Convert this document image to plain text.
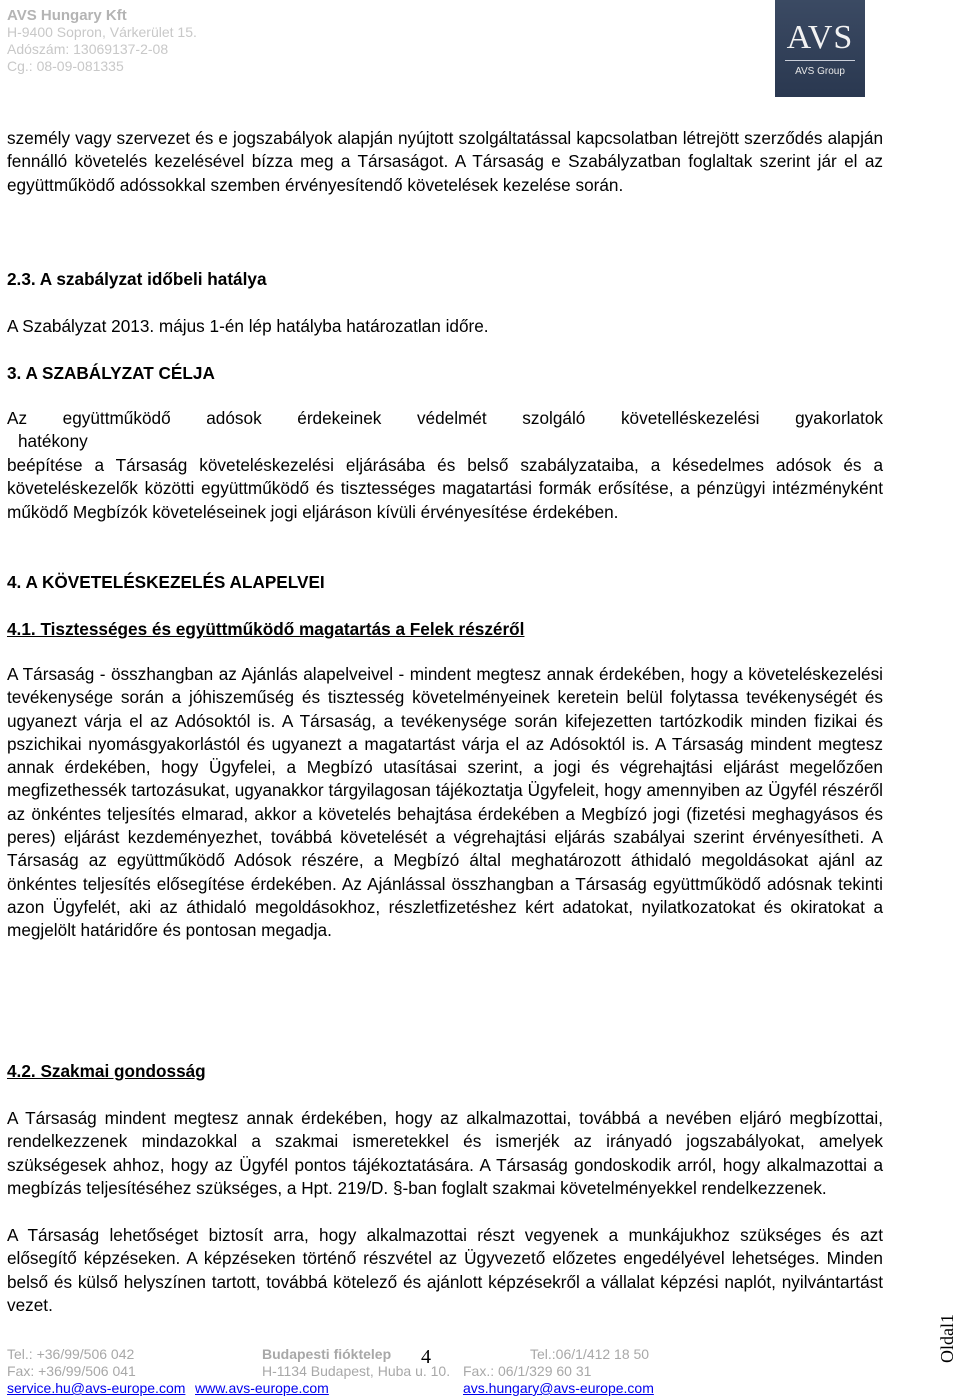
AVS Hungary Kft
H-9400 Sopron, Várkerület 15.
Adószám: 13069137-2-08
Cg.: 08-09-081335
AVS
AVS Group
személy vagy szervezet és e jogszabályok alapján nyújtott szolgáltatással kapcsolatban létrejött szerződés alapján fennálló követelés kezelésével bízza meg a Társaságot. A Társaság e Szabályzatban foglaltak szerint jár el az együttműködő adóssokkal szemben érvényesítendő követelések kezelése során.
2.3. A szabályzat időbeli hatálya
A Szabályzat 2013. május 1-én lép hatályba határozatlan időre.
3. A SZABÁLYZAT CÉLJA
Az együttműködő adósok érdekeinek védelmét szolgáló követelléskezelési gyakorlatok
hatékony
beépítése a Társaság követeléskezelési eljárásába és belső szabályzataiba, a késedelmes adósok és a követeléskezelők közötti együttműködő és tisztességes magatartási formák erősítése, a pénzügyi intézményként működő Megbízók követeléseinek jogi eljáráson kívüli érvényesítése érdekében.
4. A KÖVETELÉSKEZELÉS ALAPELVEI
4.1. Tisztességes és együttműködő magatartás a Felek részéről
A Társaság - összhangban az Ajánlás alapelveivel - mindent megtesz annak érdekében, hogy a követeléskezelési tevékenysége során a jóhiszeműség és tisztesség követelményeinek keretein belül folytassa tevékenységét és ugyanezt várja el az Adósoktól is. A Társaság, a tevékenysége során kifejezetten tartózkodik minden fizikai és pszichikai nyomásgyakorlástól és ugyanezt a magatartást várja el az Adósoktól is. A Társaság mindent megtesz annak érdekében, hogy Ügyfelei, a Megbízó utasításai szerint, a jogi és végrehajtási eljárást megelőzően megfizethessék tartozásukat, ugyanakkor tárgyilagosan tájékoztatja Ügyfeleit, hogy amennyiben az Ügyfél részéről az önkéntes teljesítés elmarad, akkor a követelés behajtása érdekében a Megbízó jogi (fizetési meghagyásos és peres) eljárást kezdeményezhet, továbbá követelését a végrehajtási eljárás szabályai szerint érvényesítheti. A Társaság az együttműködő Adósok részére, a Megbízó által meghatározott áthidaló megoldásokat ajánl az önkéntes teljesítés elősegítése érdekében. Az Ajánlással összhangban a Társaság együttműködő adósnak tekinti azon Ügyfelét, aki az áthidaló megoldásokhoz, részletfizetéshez kért adatokat, nyilatkozatokat és okiratokat a megjelölt határidőre és pontosan megadja.
4.2. Szakmai gondosság
A Társaság mindent megtesz annak érdekében, hogy az alkalmazottai, továbbá a nevében eljáró megbízottai, rendelkezzenek mindazokkal a szakmai ismeretekkel és ismerjék az irányadó jogszabályokat, amelyek szükségesek ahhoz, hogy az Ügyfél pontos tájékoztatására. A Társaság gondoskodik arról, hogy alkalmazottai a megbízás teljesítéséhez szükséges, a Hpt. 219/D. §-ban foglalt szakmai követelményekkel rendelkezzenek.
A Társaság lehetőséget biztosít arra, hogy alkalmazottai részt vegyenek a munkájukhoz szükséges és azt elősegítő képzéseken. A képzéseken történő részvétel az Ügyvezető előzetes engedélyével lehetséges. Minden belső és külső helyszínen tartott, továbbá kötelező és ajánlott képzésekről a vállalat képzési naplót, nyilvántartást vezet.
Oldal1
Tel.: +36/99/506 042
Fax: +36/99/506 041
service.hu@avs-europe.com www.avs-europe.com
Budapesti fióktelep
H-1134 Budapest, Huba u. 10.
Tel.:06/1/412 18 50
Fax.: 06/1/329 60 31
avs.hungary@avs-europe.com
4
